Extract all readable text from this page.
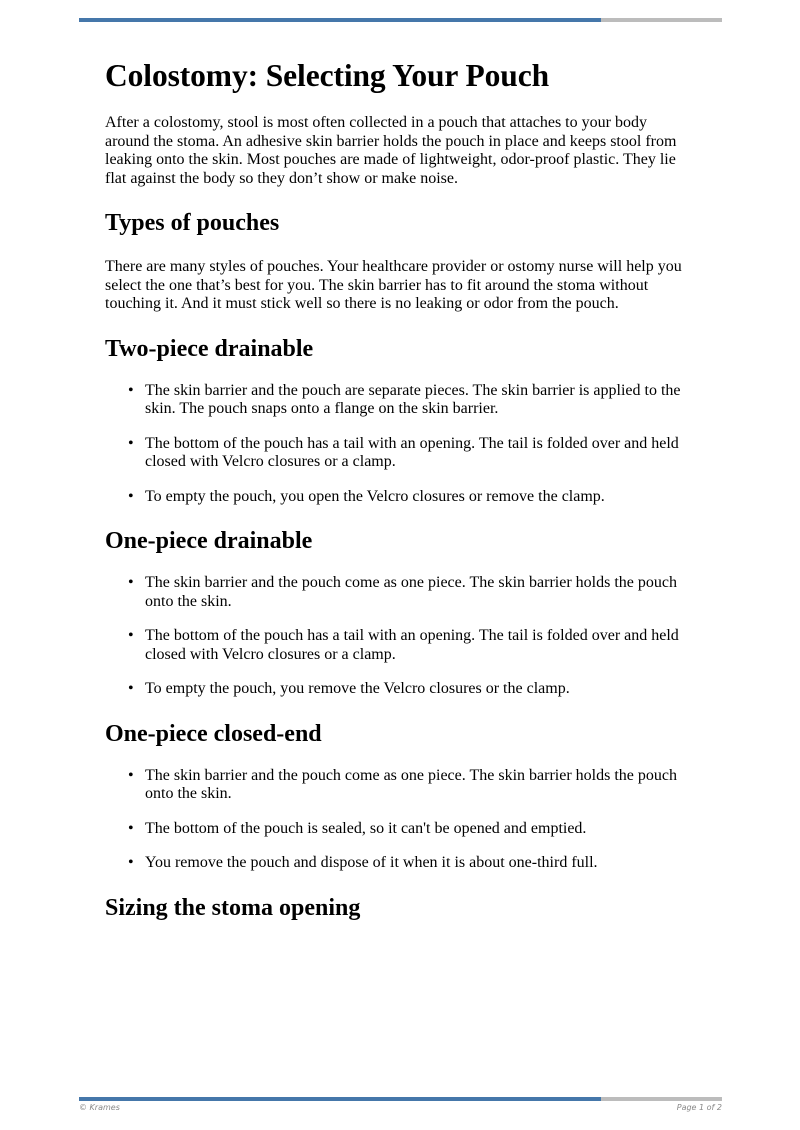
Colostomy: Selecting Your Pouch

After a colostomy, stool is most often collected in a pouch that attaches to your body around the stoma. An adhesive skin barrier holds the pouch in place and keeps stool from leaking onto the skin. Most pouches are made of lightweight, odor-proof plastic. They lie flat against the body so they don’t show or make noise.

Types of pouches

There are many styles of pouches. Your healthcare provider or ostomy nurse will help you select the one that’s best for you. The skin barrier has to fit around the stoma without touching it. And it must stick well so there is no leaking or odor from the pouch.

Two-piece drainable
• The skin barrier and the pouch are separate pieces. The skin barrier is applied to the skin. The pouch snaps onto a flange on the skin barrier.
• The bottom of the pouch has a tail with an opening. The tail is folded over and held closed with Velcro closures or a clamp.
• To empty the pouch, you open the Velcro closures or remove the clamp.
One-piece drainable
• The skin barrier and the pouch come as one piece. The skin barrier holds the pouch onto the skin.
• The bottom of the pouch has a tail with an opening. The tail is folded over and held closed with Velcro closures or a clamp.
• To empty the pouch, you remove the Velcro closures or the clamp.
One-piece closed-end
• The skin barrier and the pouch come as one piece. The skin barrier holds the pouch onto the skin.
• The bottom of the pouch is sealed, so it can't be opened and emptied.
• You remove the pouch and dispose of it when it is about one-third full.
Sizing the stoma opening
© Krames	Page 1 of 2
